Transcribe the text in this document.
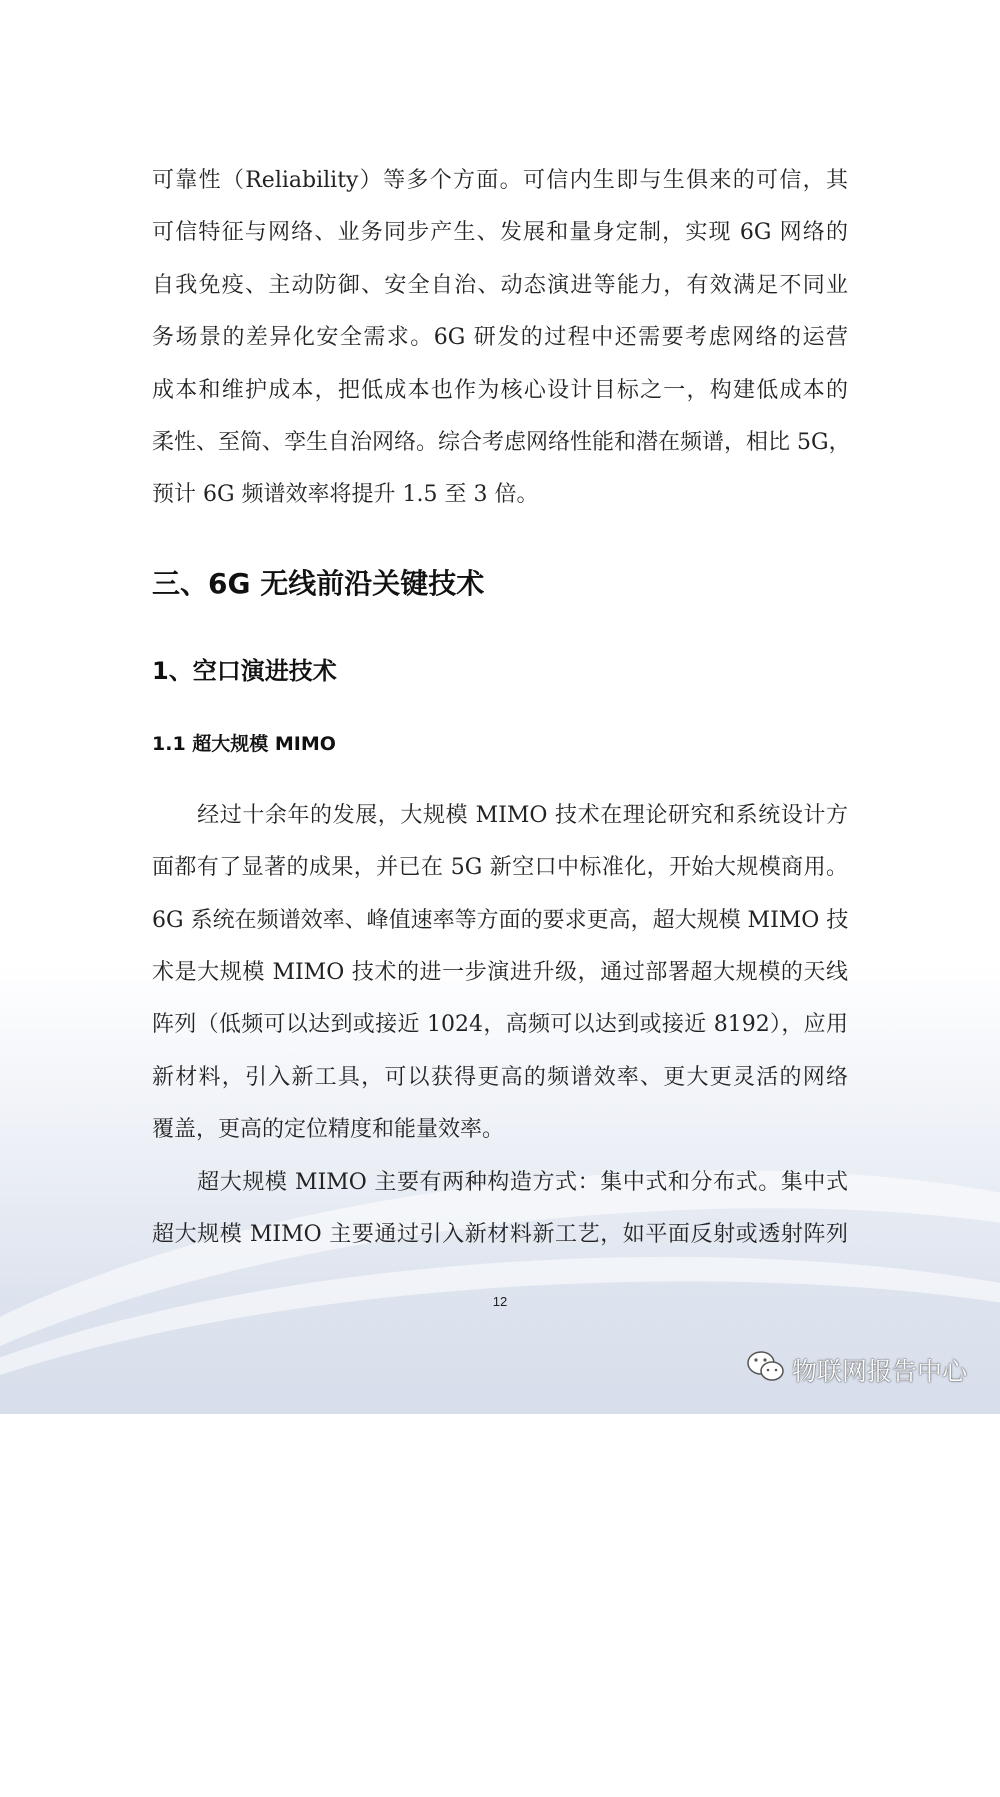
可靠性（Reliability）等多个方面。可信内生即与生俱来的可信，其
可信特征与网络、业务同步产生、发展和量身定制，实现 6G 网络的
自我免疫、主动防御、安全自治、动态演进等能力，有效满足不同业
务场景的差异化安全需求。6G 研发的过程中还需要考虑网络的运营
成本和维护成本，把低成本也作为核心设计目标之一，构建低成本的
柔性、至简、孪生自治网络。综合考虑网络性能和潜在频谱，相比 5G，
预计 6G 频谱效率将提升 1.5 至 3 倍。
三、6G 无线前沿关键技术
1、空口演进技术
1.1 超大规模 MIMO
　　经过十余年的发展，大规模 MIMO 技术在理论研究和系统设计方
面都有了显著的成果，并已在 5G 新空口中标准化，开始大规模商用。
6G 系统在频谱效率、峰值速率等方面的要求更高，超大规模 MIMO 技
术是大规模 MIMO 技术的进一步演进升级，通过部署超大规模的天线
阵列（低频可以达到或接近 1024，高频可以达到或接近 8192），应用
新材料，引入新工具，可以获得更高的频谱效率、更大更灵活的网络
覆盖，更高的定位精度和能量效率。
　　超大规模 MIMO 主要有两种构造方式：集中式和分布式。集中式
超大规模 MIMO 主要通过引入新材料新工艺，如平面反射或透射阵列
12
物联网报告中心
